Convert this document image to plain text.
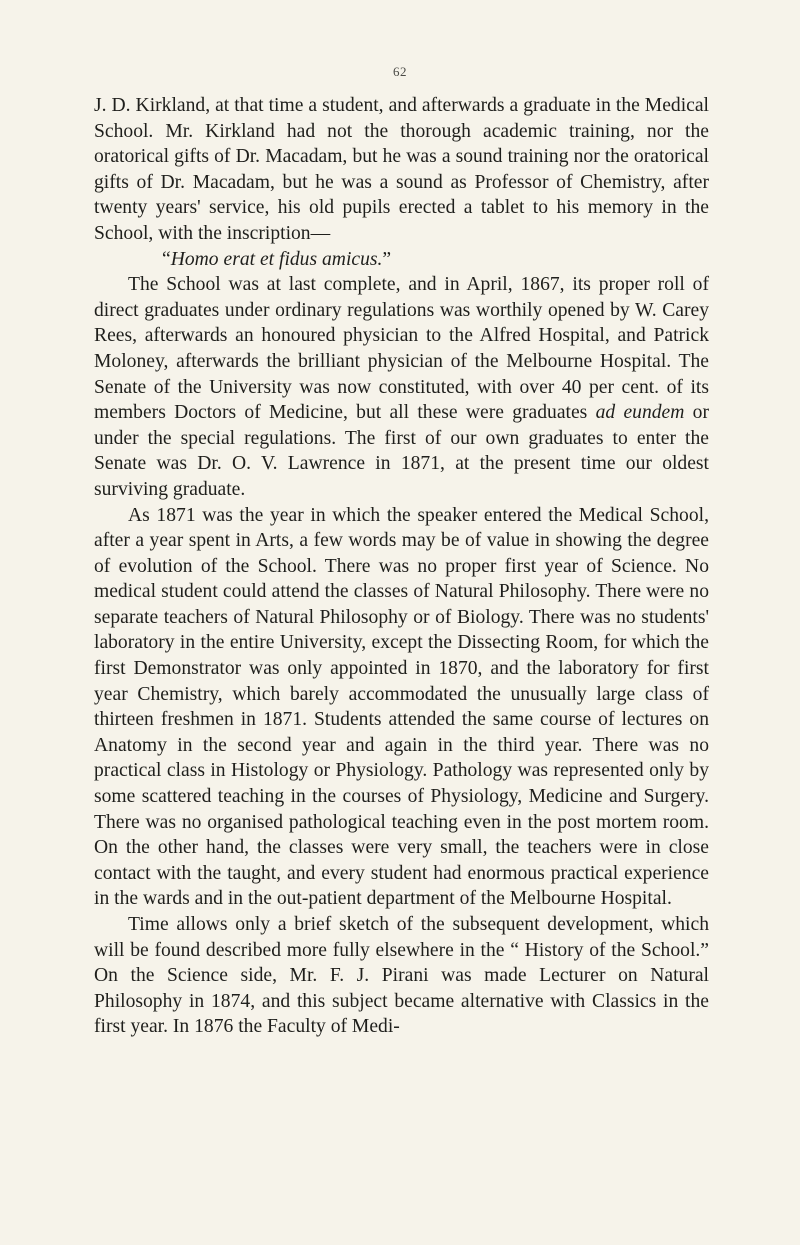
62

J. D. Kirkland, at that time a student, and afterwards a graduate in the Medical School. Mr. Kirkland had not the thorough academic training, nor the oratorical gifts of Dr. Macadam, but he was a sound training nor the oratorical gifts of Dr. Macadam, but he was a sound as Professor of Chemistry, after twenty years' service, his old pupils erected a tablet to his memory in the School, with the inscription—

“Homo erat et fidus amicus.”

The School was at last complete, and in April, 1867, its proper roll of direct graduates under ordinary regulations was worthily opened by W. Carey Rees, afterwards an honoured physician to the Alfred Hospital, and Patrick Moloney, afterwards the brilliant physician of the Melbourne Hospital. The Senate of the University was now constituted, with over 40 per cent. of its members Doctors of Medicine, but all these were graduates ad eundem or under the special regulations. The first of our own graduates to enter the Senate was Dr. O. V. Lawrence in 1871, at the present time our oldest surviving graduate.

As 1871 was the year in which the speaker entered the Medical School, after a year spent in Arts, a few words may be of value in showing the degree of evolution of the School. There was no proper first year of Science. No medical student could attend the classes of Natural Philosophy. There were no separate teachers of Natural Philosophy or of Biology. There was no students' laboratory in the entire University, except the Dissecting Room, for which the first Demonstrator was only appointed in 1870, and the laboratory for first year Chemistry, which barely accommodated the unusually large class of thirteen freshmen in 1871. Students attended the same course of lectures on Anatomy in the second year and again in the third year. There was no practical class in Histology or Physiology. Pathology was represented only by some scattered teaching in the courses of Physiology, Medicine and Surgery. There was no organised pathological teaching even in the post mortem room. On the other hand, the classes were very small, the teachers were in close contact with the taught, and every student had enormous practical experience in the wards and in the out-patient department of the Melbourne Hospital.

Time allows only a brief sketch of the subsequent development, which will be found described more fully elsewhere in the “ History of the School.” On the Science side, Mr. F. J. Pirani was made Lecturer on Natural Philosophy in 1874, and this subject became alternative with Classics in the first year. In 1876 the Faculty of Medi-
